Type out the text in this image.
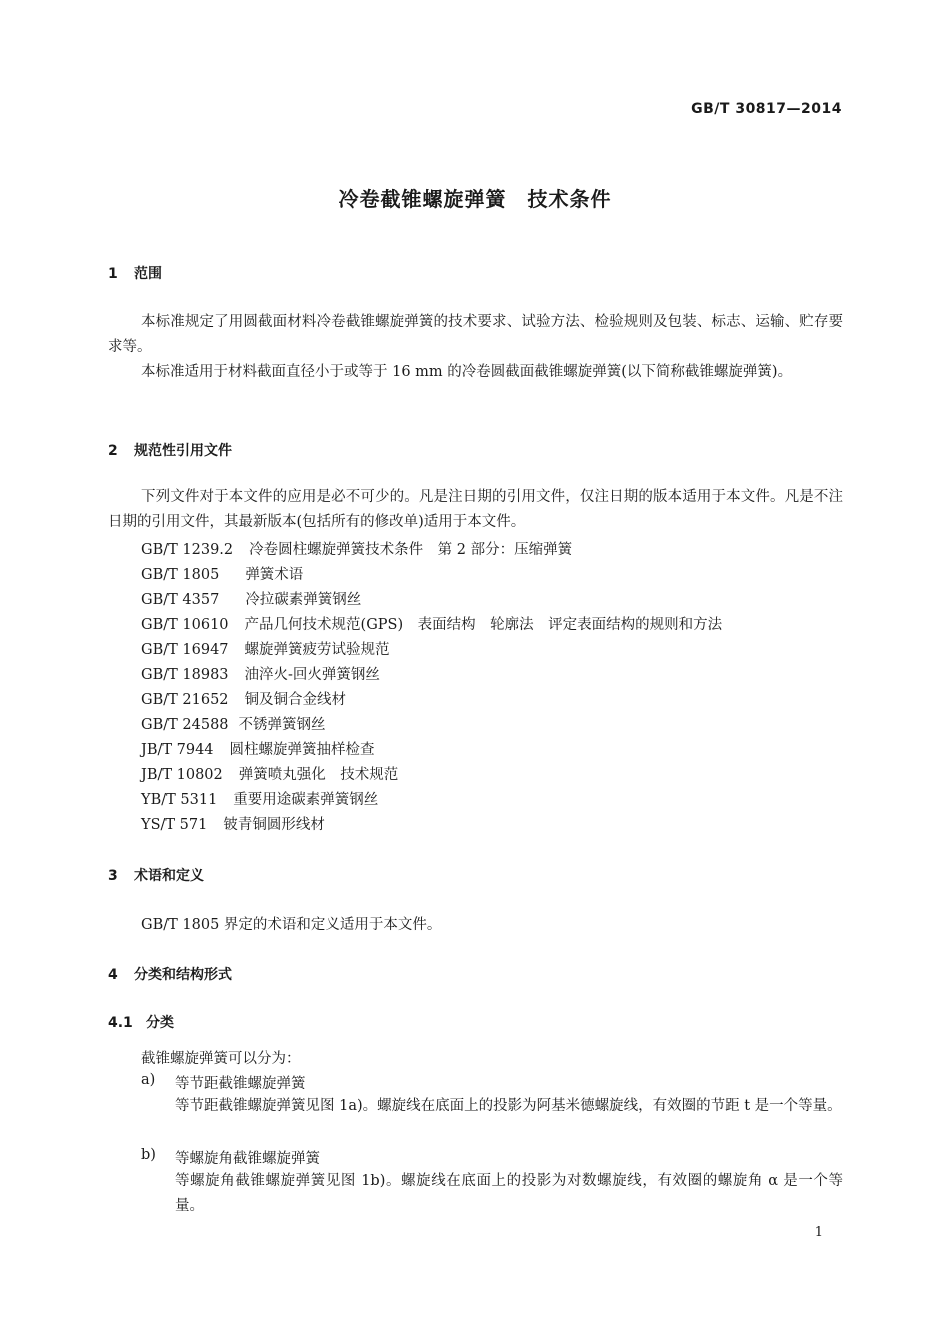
GB/T 30817—2014
冷卷截锥螺旋弹簧　技术条件
1 范围
本标准规定了用圆截面材料冷卷截锥螺旋弹簧的技术要求、试验方法、检验规则及包装、标志、运输、贮存要求等。
本标准适用于材料截面直径小于或等于 16 mm 的冷卷圆截面截锥螺旋弹簧(以下简称截锥螺旋弹簧)。
2 规范性引用文件
下列文件对于本文件的应用是必不可少的。凡是注日期的引用文件，仅注日期的版本适用于本文件。凡是不注日期的引用文件，其最新版本(包括所有的修改单)适用于本文件。
GB/T 1239.2 冷卷圆柱螺旋弹簧技术条件　第 2 部分：压缩弹簧
GB/T 1805 弹簧术语
GB/T 4357 冷拉碳素弹簧钢丝
GB/T 10610 产品几何技术规范(GPS)　表面结构　轮廓法　评定表面结构的规则和方法
GB/T 16947 螺旋弹簧疲劳试验规范
GB/T 18983 油淬火-回火弹簧钢丝
GB/T 21652 铜及铜合金线材
GB/T 24588 不锈弹簧钢丝
JB/T 7944 圆柱螺旋弹簧抽样检查
JB/T 10802 弹簧喷丸强化　技术规范
YB/T 5311 重要用途碳素弹簧钢丝
YS/T 571 铍青铜圆形线材
3 术语和定义
GB/T 1805 界定的术语和定义适用于本文件。
4 分类和结构形式
4.1 分类
截锥螺旋弹簧可以分为：
a) 等节距截锥螺旋弹簧
等节距截锥螺旋弹簧见图 1a)。螺旋线在底面上的投影为阿基米德螺旋线，有效圈的节距 t 是一个等量。
b) 等螺旋角截锥螺旋弹簧
等螺旋角截锥螺旋弹簧见图 1b)。螺旋线在底面上的投影为对数螺旋线，有效圈的螺旋角 α 是一个等量。
1
